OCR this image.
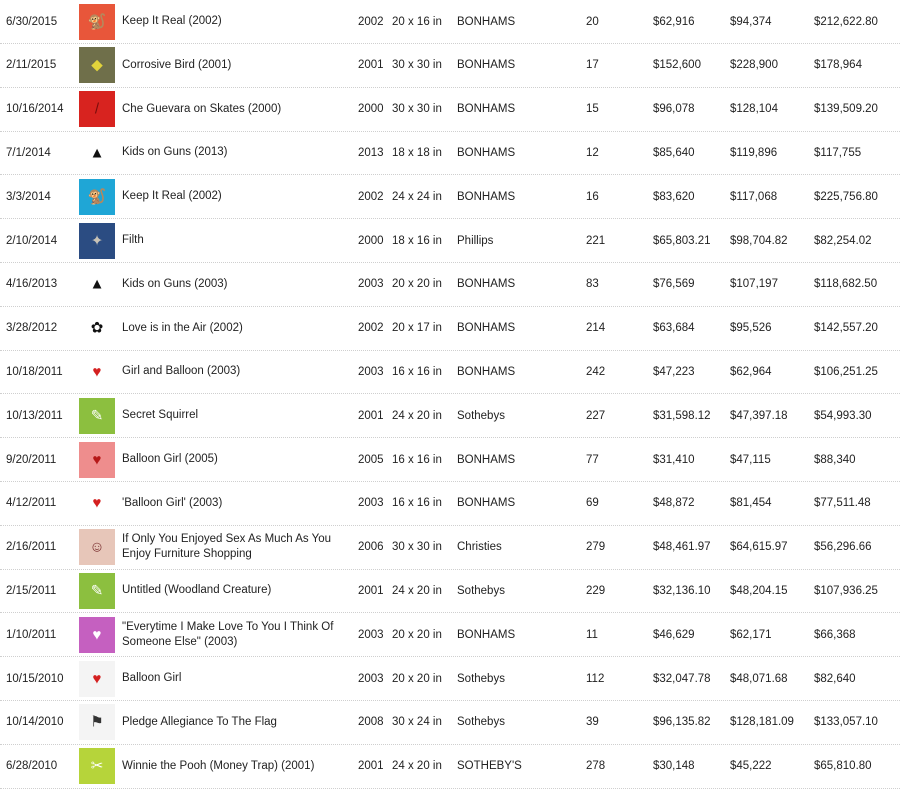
6/30/2015	🐒 Keep It Real (2002)	2002 20 x 16 in	BONHAMS	20	$62,916	$94,374	$212,622.80
2/11/2015	◆ Corrosive Bird (2001)	2001 30 x 30 in	BONHAMS	17	$152,600	$228,900	$178,964
10/16/2014	/ Che Guevara on Skates (2000)	2000 30 x 30 in	BONHAMS	15	$96,078	$128,104	$139,509.20
7/1/2014	▲ Kids on Guns (2013)	2013 18 x 18 in	BONHAMS	12	$85,640	$119,896	$117,755
3/3/2014	🐒 Keep It Real (2002)	2002 24 x 24 in	BONHAMS	16	$83,620	$117,068	$225,756.80
2/10/2014	✦ Filth	2000 18 x 16 in	Phillips	221	$65,803.21	$98,704.82	$82,254.02
4/16/2013	▲ Kids on Guns (2003)	2003 20 x 20 in	BONHAMS	83	$76,569	$107,197	$118,682.50
3/28/2012	✿ Love is in the Air (2002)	2002 20 x 17 in	BONHAMS	214	$63,684	$95,526	$142,557.20
10/18/2011	♥ Girl and Balloon (2003)	2003 16 x 16 in	BONHAMS	242	$47,223	$62,964	$106,251.25
10/13/2011	✎ Secret Squirrel	2001 24 x 20 in	Sothebys	227	$31,598.12	$47,397.18	$54,993.30
9/20/2011	♥ Balloon Girl (2005)	2005 16 x 16 in	BONHAMS	77	$31,410	$47,115	$88,340
4/12/2011	♥ 'Balloon Girl' (2003)	2003 16 x 16 in	BONHAMS	69	$48,872	$81,454	$77,511.48
2/16/2011	☺ If Only You Enjoyed Sex As Much As You Enjoy Furniture Shopping
2006 30 x 30 in	Christies	279	$48,461.97	$64,615.97	$56,296.66
2/15/2011	✎ Untitled (Woodland Creature)	2001 24 x 20 in	Sothebys	229	$32,136.10	$48,204.15	$107,936.25
1/10/2011	♥ "Everytime I Make Love To You I Think Of Someone Else" (2003)
2003 20 x 20 in	BONHAMS	11	$46,629	$62,171	$66,368
10/15/2010	♥ Balloon Girl	2003 20 x 20 in	Sothebys	112	$32,047.78	$48,071.68	$82,640
10/14/2010	⚑ Pledge Allegiance To The Flag	2008 30 x 24 in	Sothebys	39	$96,135.82	$128,181.09	$133,057.10
6/28/2010	✂ Winnie the Pooh (Money Trap) (2001)	2001 24 x 20 in	SOTHEBY'S	278	$30,148	$45,222	$65,810.80
